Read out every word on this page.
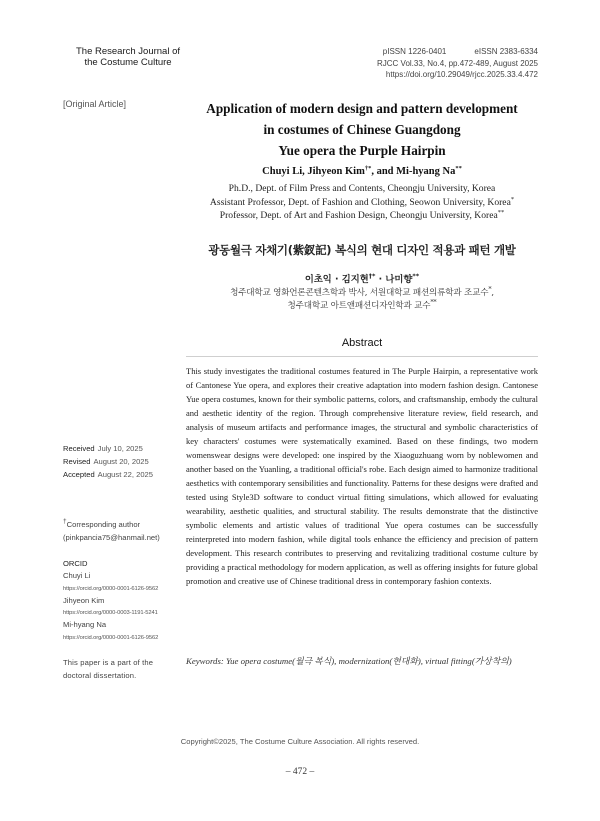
The Research Journal of
the Costume Culture
pISSN 1226-0401	eISSN 2383-6334
RJCC Vol.33, No.4, pp.472-489, August 2025
https://doi.org/10.29049/rjcc.2025.33.4.472
[Original Article]	Application of modern design and pattern development
in costumes of Chinese Guangdong
Yue opera the Purple Hairpin
Chuyi Li, Jihyeon Kim†*, and Mi-hyang Na**
Ph.D., Dept. of Film Press and Contents, Cheongju University, Korea
Assistant Professor, Dept. of Fashion and Clothing, Seowon University, Korea*
Professor, Dept. of Art and Fashion Design, Cheongju University, Korea**
광동월극 자채기(紫釵記) 복식의 현대 디자인 적용과 패턴 개발
이초익 · 김지현†* · 나미향**
청주대학교 영화언론콘텐츠학과 박사, 서원대학교 패션의류학과 조교수*,
청주대학교 아트앤패션디자인학과 교수**
Abstract
This study investigates the traditional costumes featured in The Purple Hairpin, a representative work of Cantonese Yue opera, and explores their creative adaptation into modern fashion design. Cantonese Yue opera costumes, known for their symbolic patterns, colors, and craftsmanship, embody the cultural and aesthetic identity of the region. Through comprehensive literature review, field research, and analysis of museum artifacts and performance images, the structural and symbolic characteristics of key characters' costumes were systematically examined. Based on these findings, two modern womenswear designs were developed: one inspired by the Xiaoguzhuang worn by noblewomen and another based on the Yuanling, a traditional official's robe. Each design aimed to harmonize traditional aesthetics with contemporary sensibilities and functionality. Patterns for these designs were drafted and tested using Style3D software to conduct virtual fitting simulations, which allowed for evaluating wearability, aesthetic qualities, and structural stability. The results demonstrate that the distinctive symbolic elements and artistic values of traditional Yue opera costumes can be successfully reinterpreted into modern fashion, while digital tools enhance the efficiency and precision of pattern development. This research contributes to preserving and revitalizing traditional costume culture by providing a practical methodology for modern application, as well as offering insights for future global promotion and creative use of Chinese traditional dress in contemporary fashion contexts.
Keywords: Yue opera costume(월극 복식), modernization(현대화), virtual fitting(가상착의)
Received July 10, 2025
Revised August 20, 2025
Accepted August 22, 2025
†Corresponding author
(pinkpancia75@hanmail.net)
ORCID
Chuyi Li
https://orcid.org/0000-0001-6126-9562
Jihyeon Kim
https://orcid.org/0000-0003-1191-5241
Mi-hyang Na
https://orcid.org/0000-0001-6126-9562
This paper is a part of the
doctoral dissertation.
Copyright©2025, The Costume Culture Association. All rights reserved.
– 472 –
